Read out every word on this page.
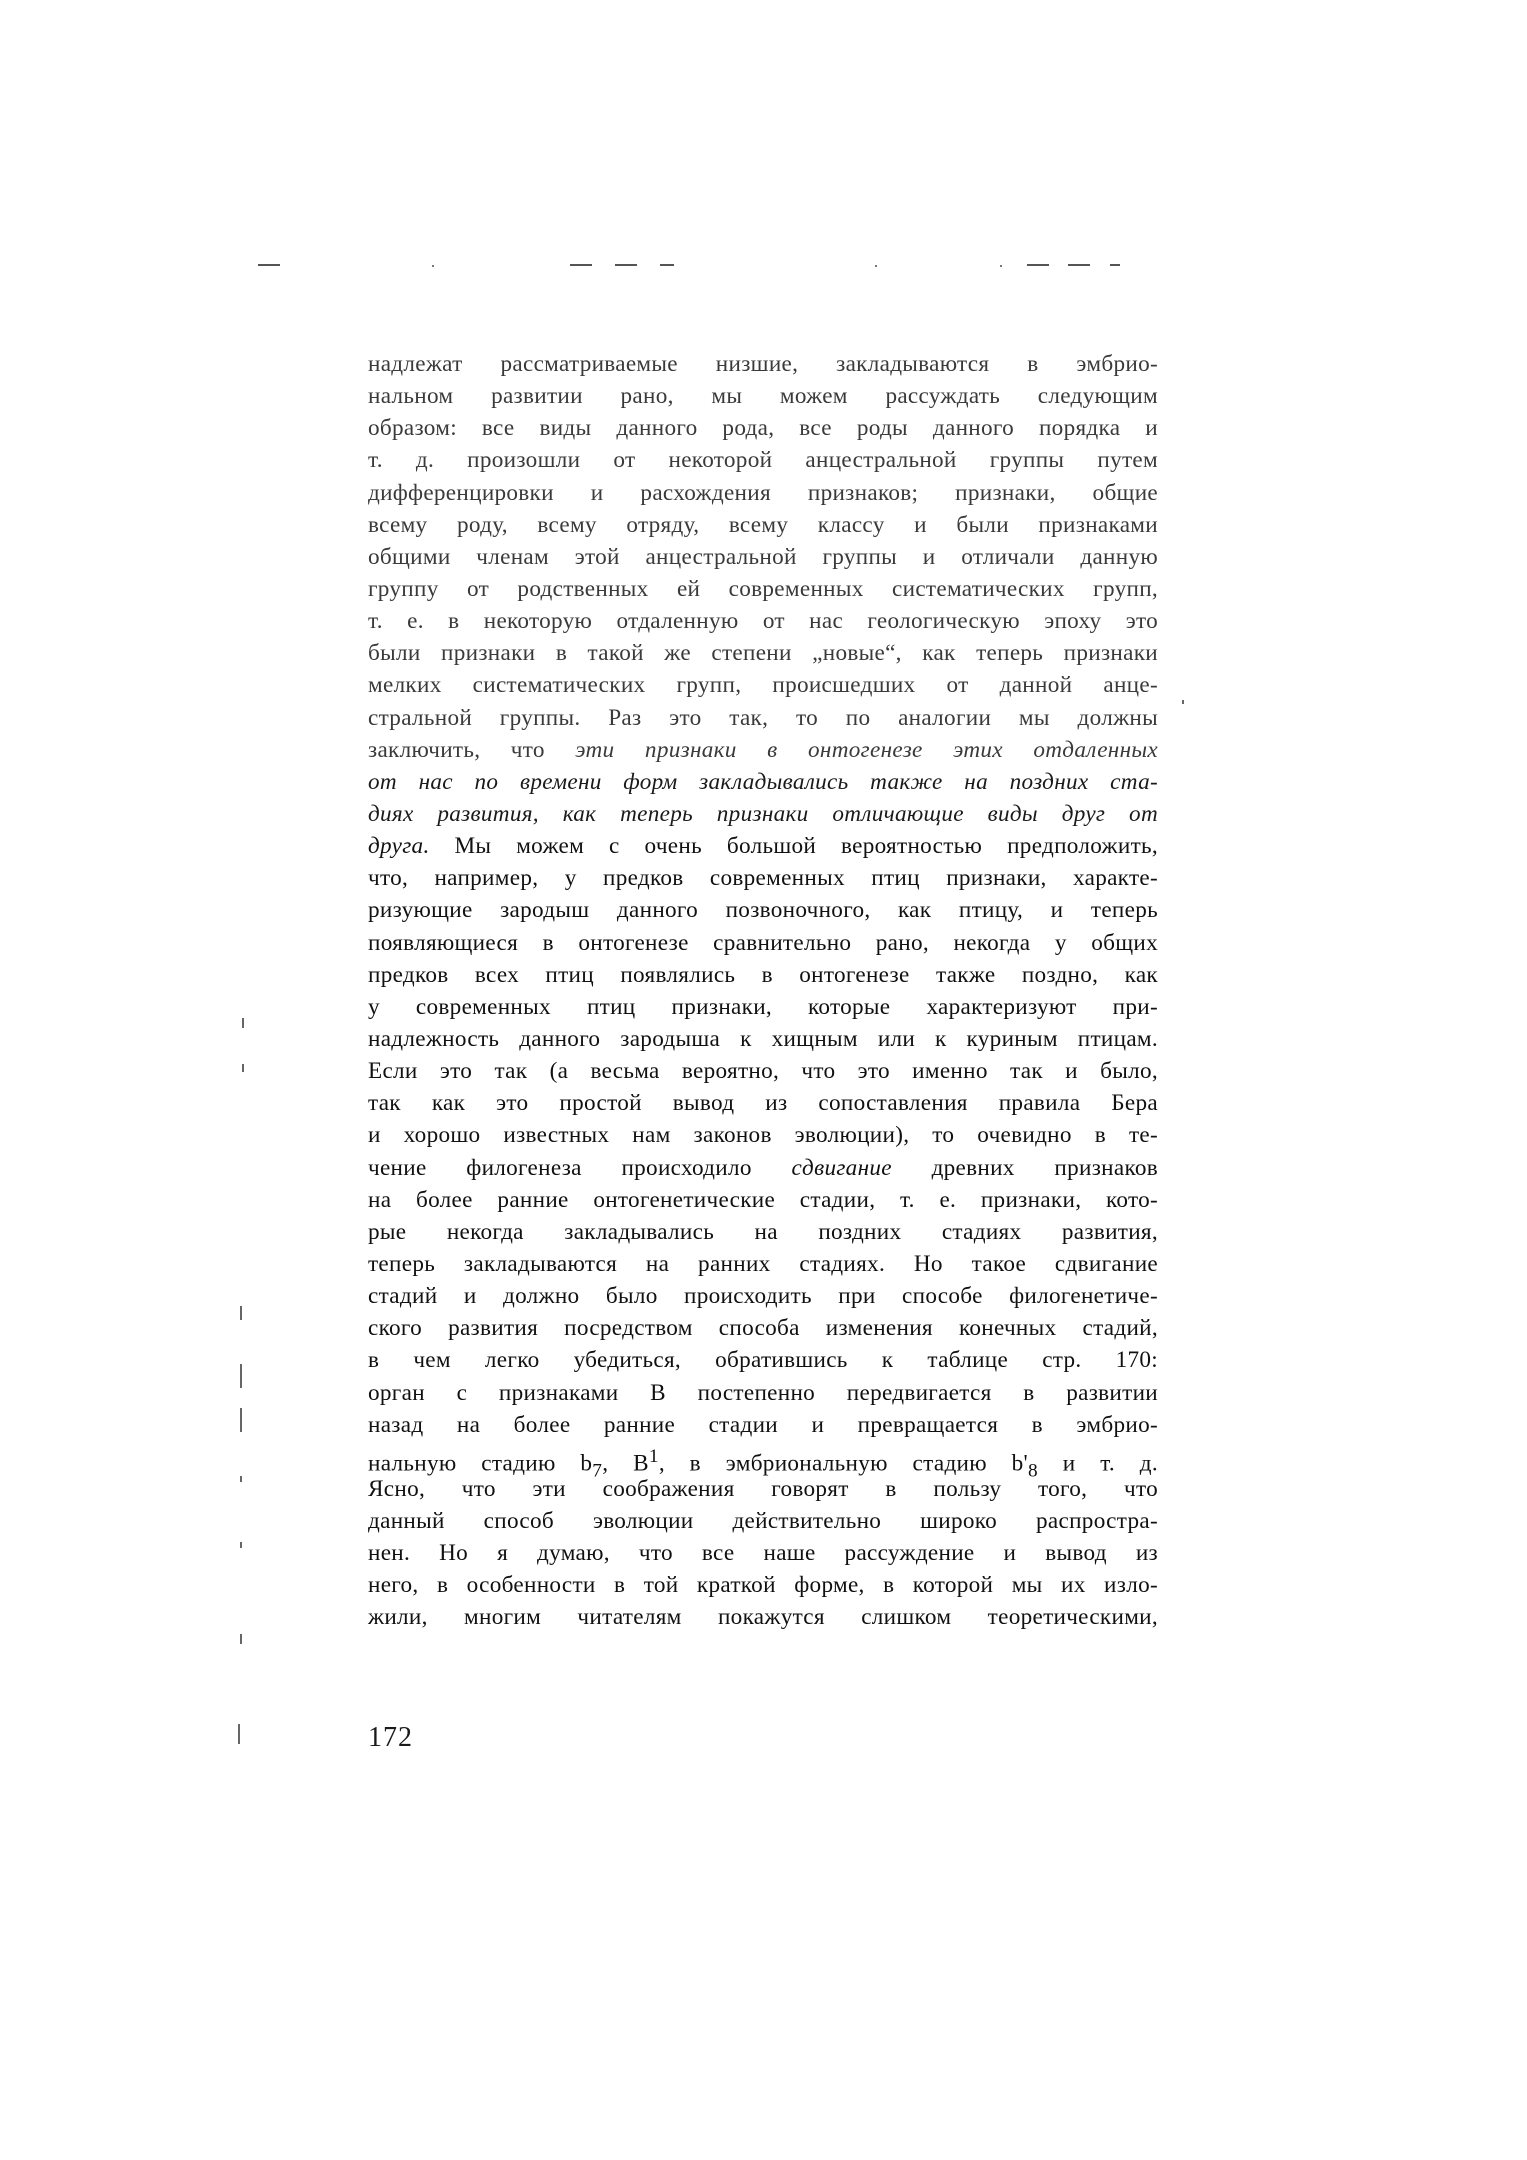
надлежат рассматриваемые низшие, закладываются в эмбрио-
нальном развитии рано, мы можем рассуждать следующим
образом: все виды данного рода, все роды данного порядка и
т. д. произошли от некоторой анцестральной группы путем
дифференцировки и расхождения признаков; признаки, общие
всему роду, всему отряду, всему классу и были признаками
общими членам этой анцестральной группы и отличали данную
группу от родственных ей современных систематических групп,
т. е. в некоторую отдаленную от нас геологическую эпоху это
были признаки в такой же степени „новые“, как теперь признаки
мелких систематических групп, происшедших от данной анце-
стральной группы. Раз это так, то по аналогии мы должны
заключить, что эти признаки в онтогенезе этих отдаленных
от нас по времени форм закладывались также на поздних ста-
диях развития, как теперь признаки отличающие виды друг от
друга. Мы можем с очень большой вероятностью предположить,
что, например, у предков современных птиц признаки, характе-
ризующие зародыш данного позвоночного, как птицу, и теперь
появляющиеся в онтогенезе сравнительно рано, некогда у общих
предков всех птиц появлялись в онтогенезе также поздно, как
у современных птиц признаки, которые характеризуют при-
надлежность данного зародыша к хищным или к куриным птицам.
Если это так (а весьма вероятно, что это именно так и было,
так как это простой вывод из сопоставления правила Бера
и хорошо известных нам законов эволюции), то очевидно в те-
чение филогенеза происходило сдвигание древних признаков
на более ранние онтогенетические стадии, т. е. признаки, кото-
рые некогда закладывались на поздних стадиях развития,
теперь закладываются на ранних стадиях. Но такое сдвигание
стадий и должно было происходить при способе филогенетиче-
ского развития посредством способа изменения конечных стадий,
в чем легко убедиться, обратившись к таблице стр. 170:
орган с признаками B постепенно передвигается в развитии
назад на более ранние стадии и превращается в эмбрио-
нальную стадию $b_7$, $B^1$, в эмбриональную стадию $b'_8$ и т. д.
Ясно, что эти соображения говорят в пользу того, что
данный способ эволюции действительно широко распростра-
нен. Но я думаю, что все наше рассуждение и вывод из
него, в особенности в той краткой форме, в которой мы их изло-
жили, многим читателям покажутся слишком теоретическими,
172
